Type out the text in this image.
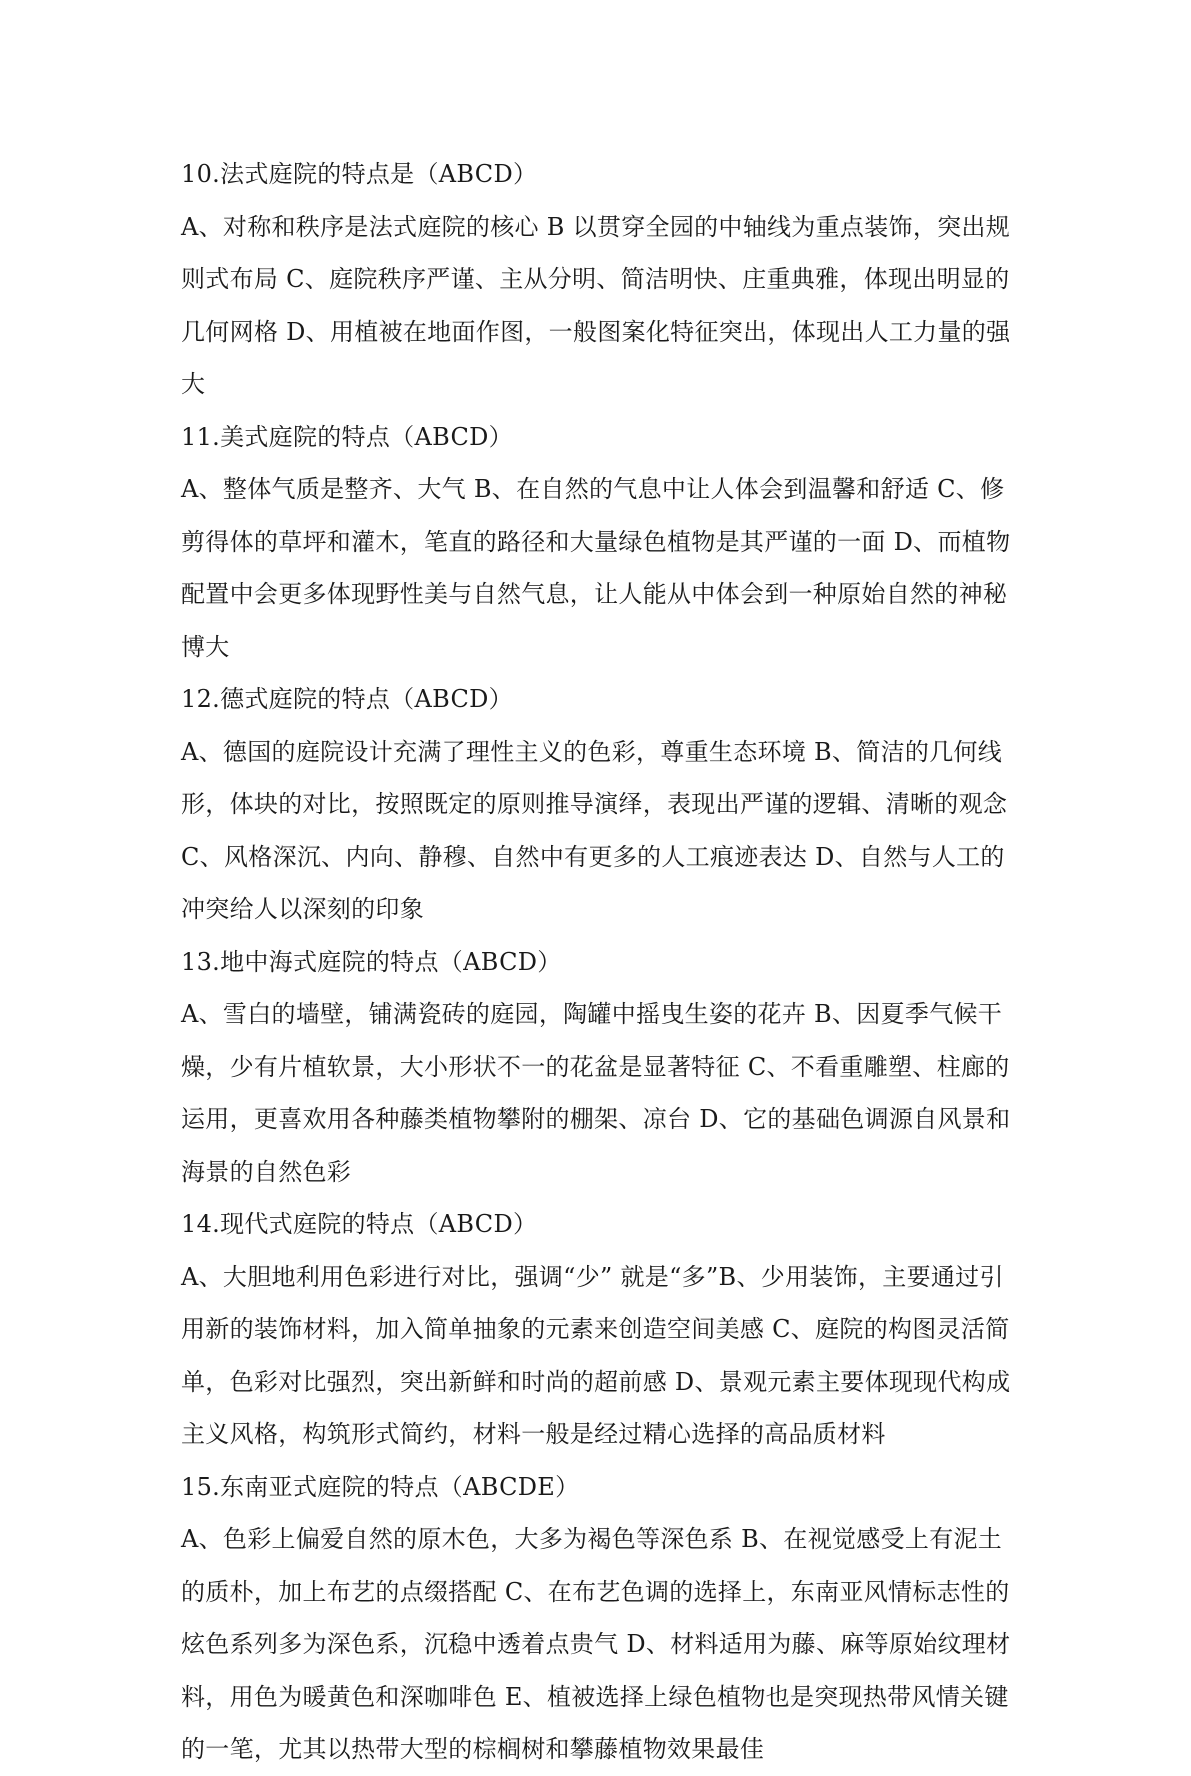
10.法式庭院的特点是（ABCD）

A、对称和秩序是法式庭院的核心 B 以贯穿全园的中轴线为重点装饰，突出规则式布局 C、庭院秩序严谨、主从分明、简洁明快、庄重典雅，体现出明显的几何网格 D、用植被在地面作图，一般图案化特征突出，体现出人工力量的强大

11.美式庭院的特点（ABCD）

A、整体气质是整齐、大气 B、在自然的气息中让人体会到温馨和舒适 C、修剪得体的草坪和灌木，笔直的路径和大量绿色植物是其严谨的一面 D、而植物配置中会更多体现野性美与自然气息，让人能从中体会到一种原始自然的神秘博大

12.德式庭院的特点（ABCD）

A、德国的庭院设计充满了理性主义的色彩，尊重生态环境 B、简洁的几何线形，体块的对比，按照既定的原则推导演绎，表现出严谨的逻辑、清晰的观念 C、风格深沉、内向、静穆、自然中有更多的人工痕迹表达 D、自然与人工的冲突给人以深刻的印象

13.地中海式庭院的特点（ABCD）

A、雪白的墙壁，铺满瓷砖的庭园，陶罐中摇曳生姿的花卉 B、因夏季气候干燥，少有片植软景，大小形状不一的花盆是显著特征 C、不看重雕塑、柱廊的运用，更喜欢用各种藤类植物攀附的棚架、凉台 D、它的基础色调源自风景和海景的自然色彩

14.现代式庭院的特点（ABCD）

A、大胆地利用色彩进行对比，强调“少” 就是“多”B、少用装饰，主要通过引用新的装饰材料，加入简单抽象的元素来创造空间美感 C、庭院的构图灵活简单，色彩对比强烈，突出新鲜和时尚的超前感 D、景观元素主要体现现代构成主义风格，构筑形式简约，材料一般是经过精心选择的高品质材料

15.东南亚式庭院的特点（ABCDE）

A、色彩上偏爱自然的原木色，大多为褐色等深色系 B、在视觉感受上有泥土的质朴，加上布艺的点缀搭配 C、在布艺色调的选择上，东南亚风情标志性的炫色系列多为深色系，沉稳中透着点贵气 D、材料适用为藤、麻等原始纹理材料，用色为暖黄色和深咖啡色 E、植被选择上绿色植物也是突现热带风情关键的一笔，尤其以热带大型的棕榈树和攀藤植物效果最佳
